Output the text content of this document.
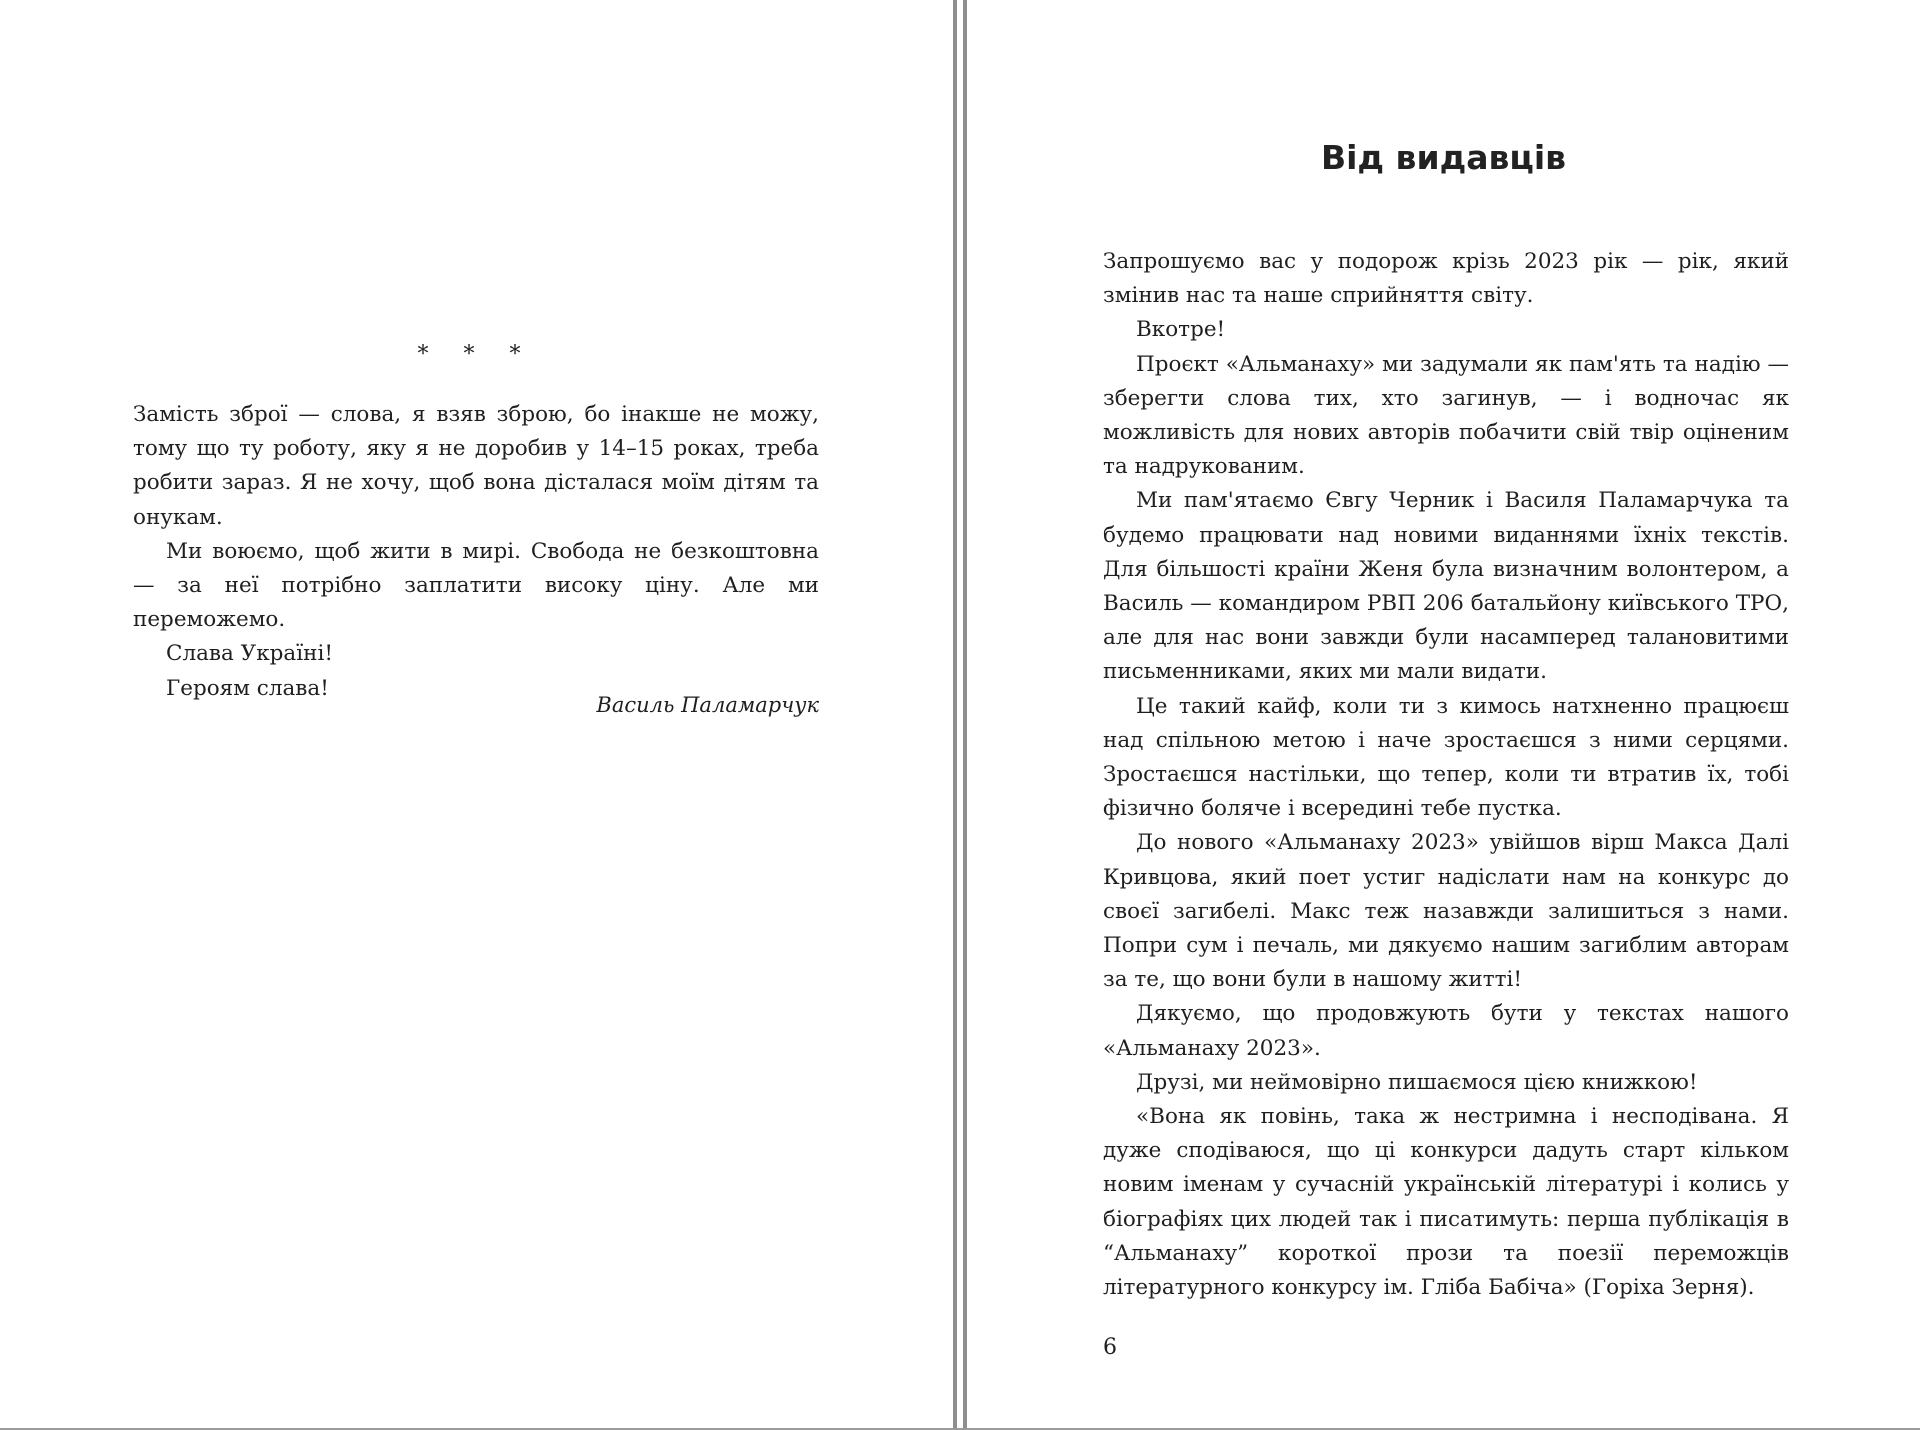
* * *

Замість зброї — слова, я взяв зброю, бо інакше не можу, тому що ту роботу, яку я не доробив у 14–15 роках, треба робити зараз. Я не хочу, щоб вона дісталася моїм дітям та онукам.

Ми воюємо, щоб жити в мирі. Свобода не безкоштовна — за неї потрібно заплатити високу ціну. Але ми переможемо.

Слава Україні!

Героям слава!

Василь Паламарчук
Від видавців

Запрошуємо вас у подорож крізь 2023 рік — рік, який змінив нас та наше сприйняття світу.

Вкотре!

Проєкт «Альманаху» ми задумали як пам'ять та надію — зберегти слова тих, хто загинув, — і водночас як можливість для нових авторів побачити свій твір оціненим та надрукованим.

Ми пам'ятаємо Євгу Черник і Василя Паламарчука та будемо працювати над новими виданнями їхніх текстів. Для більшості країни Женя була визначним волонтером, а Василь — командиром РВП 206 батальйону київського ТРО, але для нас вони завжди були насамперед талановитими письменниками, яких ми мали видати.

Це такий кайф, коли ти з кимось натхненно працюєш над спільною метою і наче зростаєшся з ними серцями. Зростаєшся настільки, що тепер, коли ти втратив їх, тобі фізично боляче і всередині тебе пустка.

До нового «Альманаху 2023» увійшов вірш Макса Далі Кривцова, який поет устиг надіслати нам на конкурс до своєї загибелі. Макс теж назавжди залишиться з нами. Попри сум і печаль, ми дякуємо нашим загиблим авторам за те, що вони були в нашому житті!

Дякуємо, що продовжують бути у текстах нашого «Альманаху 2023».

Друзі, ми неймовірно пишаємося цією книжкою!

«Вона як повінь, така ж нестримна і несподівана. Я дуже сподіваюся, що ці конкурси дадуть старт кільком новим іменам у сучасній українській літературі і колись у біографіях цих людей так і писатимуть: перша публікація в “Альманаху” короткої прози та поезії переможців літературного конкурсу ім. Гліба Бабіча» (Горіха Зерня).

6
